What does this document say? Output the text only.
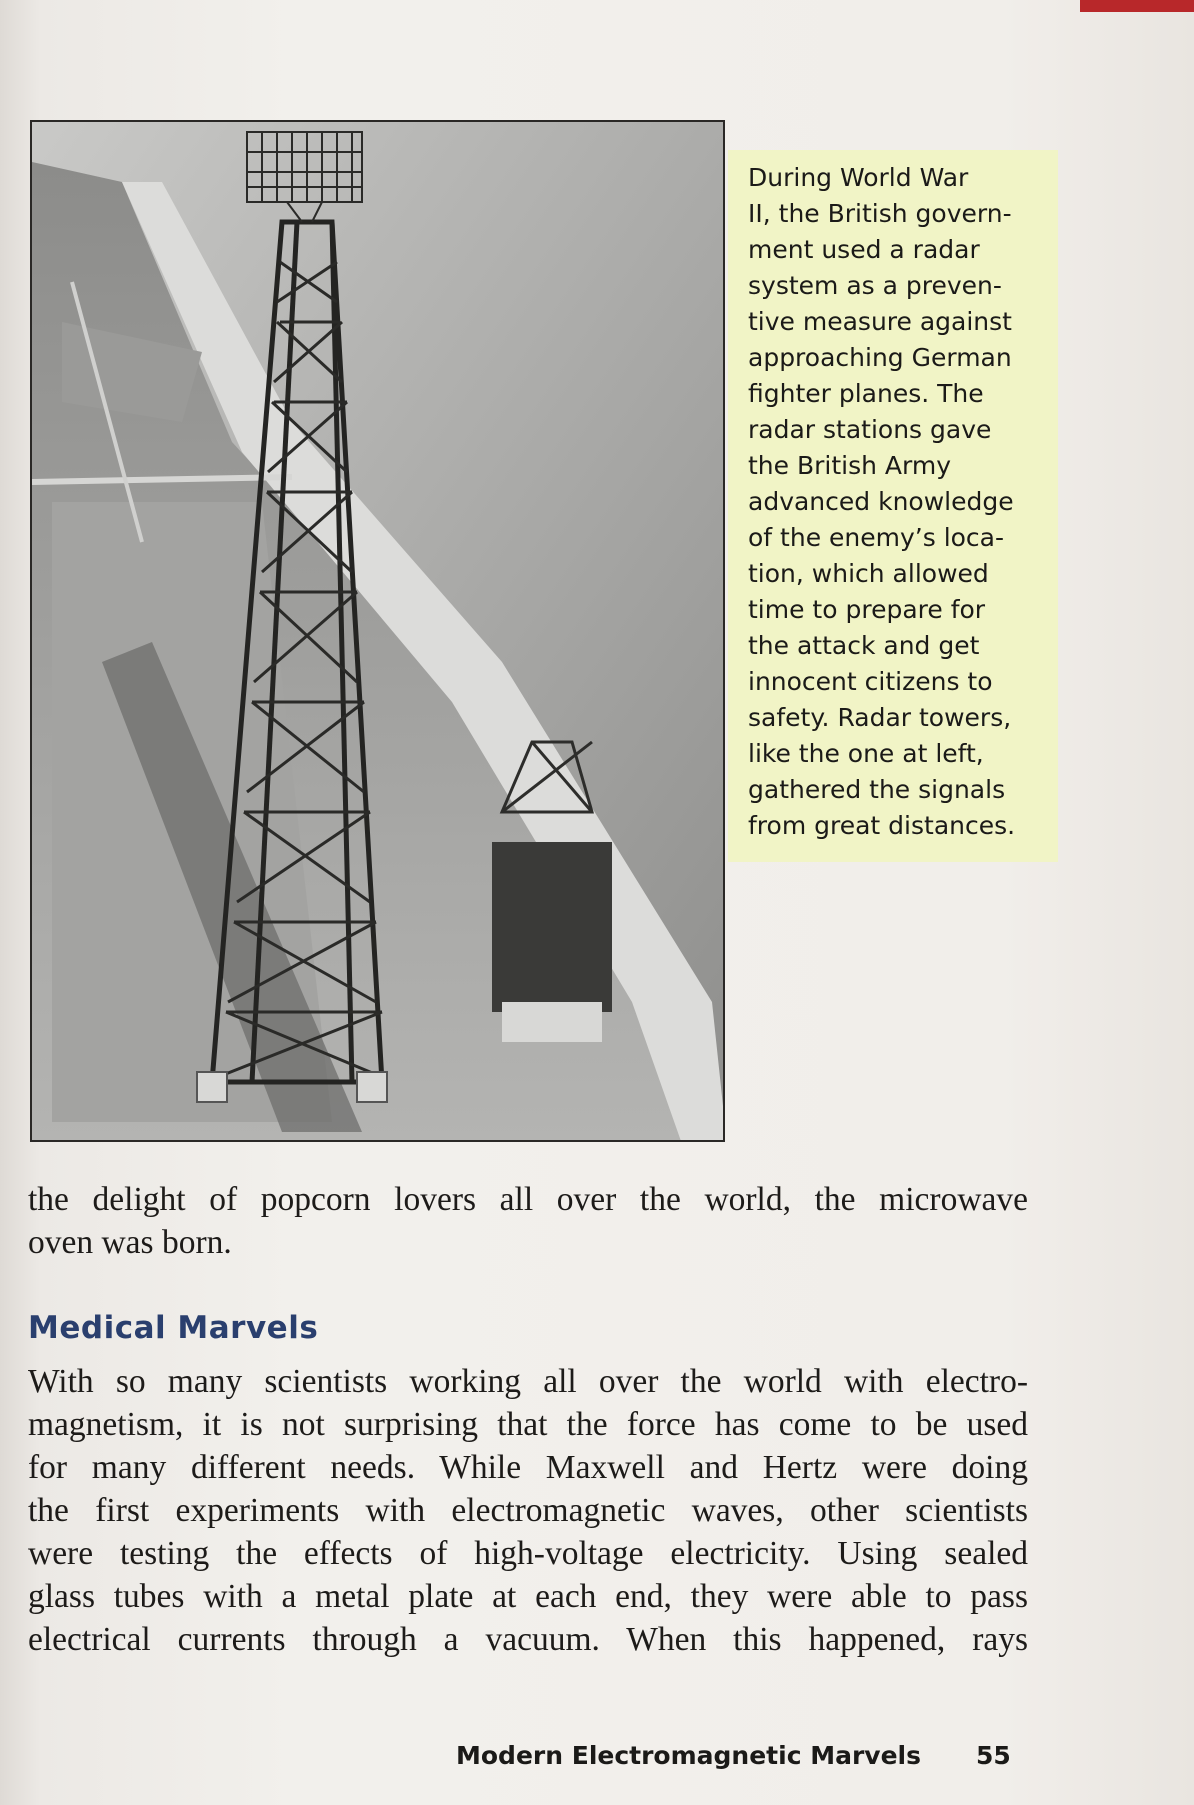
During World War
II, the British govern-
ment used a radar
system as a preven-
tive measure against
approaching German
fighter planes. The
radar stations gave
the British Army
advanced knowledge
of the enemy’s loca-
tion, which allowed
time to prepare for
the attack and get
innocent citizens to
safety. Radar towers,
like the one at left,
gathered the signals
from great distances.
the delight of popcorn lovers all over the world, the microwave
oven was born.
Medical Marvels
With so many scientists working all over the world with electro-
magnetism, it is not surprising that the force has come to be used
for many different needs. While Maxwell and Hertz were doing
the first experiments with electromagnetic waves, other scientists
were testing the effects of high-voltage electricity. Using sealed
glass tubes with a metal plate at each end, they were able to pass
electrical currents through a vacuum. When this happened, rays
Modern Electromagnetic Marvels 55
